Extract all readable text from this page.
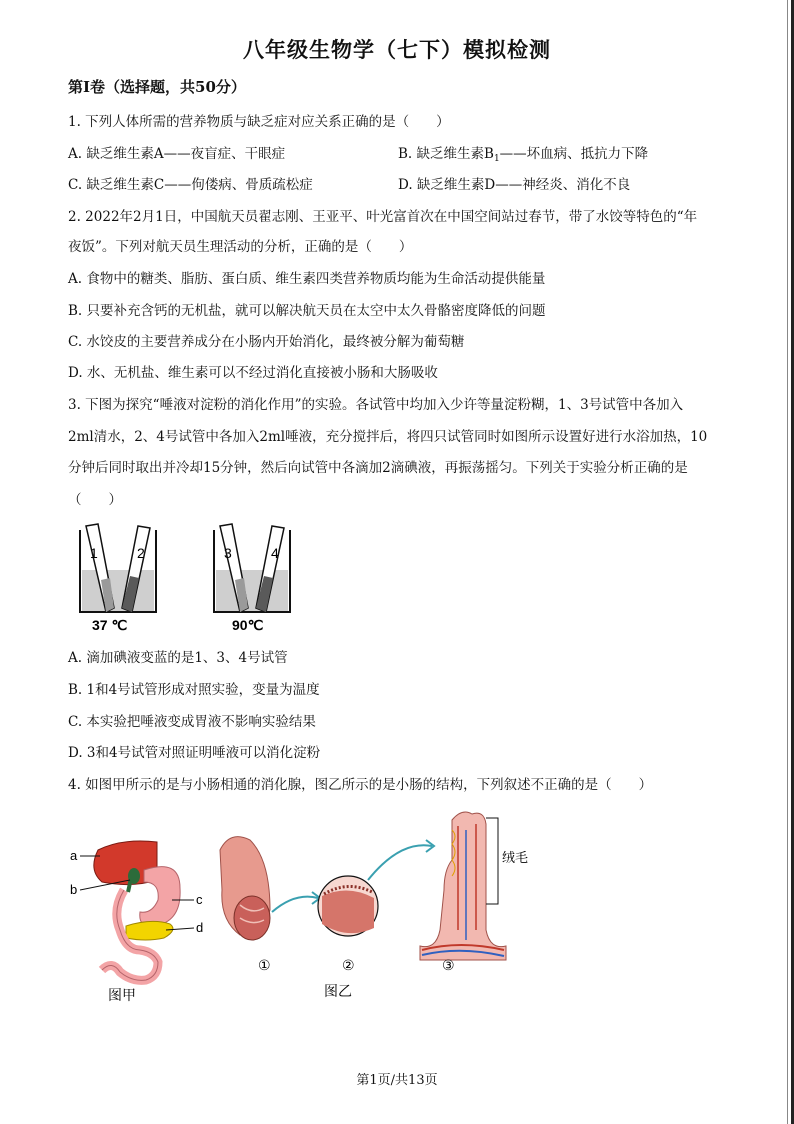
八年级生物学（七下）模拟检测
第Ⅰ卷（选择题，共50分）
1. 下列人体所需的营养物质与缺乏症对应关系正确的是（　　）
A. 缺乏维生素A——夜盲症、干眼症	B. 缺乏维生素$B_1——$坏血病、抵抗力下降
C. 缺乏维生素C——佝偻病、骨质疏松症	D. 缺乏维生素D——神经炎、消化不良
2. 2022年2月1日，中国航天员翟志刚、王亚平、叶光富首次在中国空间站过春节，带了水饺等特色的“年
夜饭”。下列对航天员生理活动的分析，正确的是（　　）
A. 食物中的糖类、脂肪、蛋白质、维生素四类营养物质均能为生命活动提供能量
B. 只要补充含钙的无机盐，就可以解决航天员在太空中太久骨骼密度降低的问题
C. 水饺皮的主要营养成分在小肠内开始消化，最终被分解为葡萄糖
D. 水、无机盐、维生素可以不经过消化直接被小肠和大肠吸收
3. 下图为探究“唾液对淀粉的消化作用”的实验。各试管中均加入少许等量淀粉糊，1、3号试管中各加入
2ml清水，2、4号试管中各加入2ml唾液，充分搅拌后，将四只试管同时如图所示设置好进行水浴加热，10
分钟后同时取出并冷却15分钟，然后向试管中各滴加2滴碘液，再振荡摇匀。下列关于实验分析正确的是
（　　）
1	2
37 ℃
3	4
90℃
A. 滴加碘液变蓝的是1、3、4号试管
B. 1和4号试管形成对照实验，变量为温度
C. 本实验把唾液变成胃液不影响实验结果
D. 3和4号试管对照证明唾液可以消化淀粉
4. 如图甲所示的是与小肠相通的消化腺，图乙所示的是小肠的结构，下列叙述不正确的是（　　）
a
b
c
d
图甲
绒毛
①	②	③
图乙
第1页/共13页
